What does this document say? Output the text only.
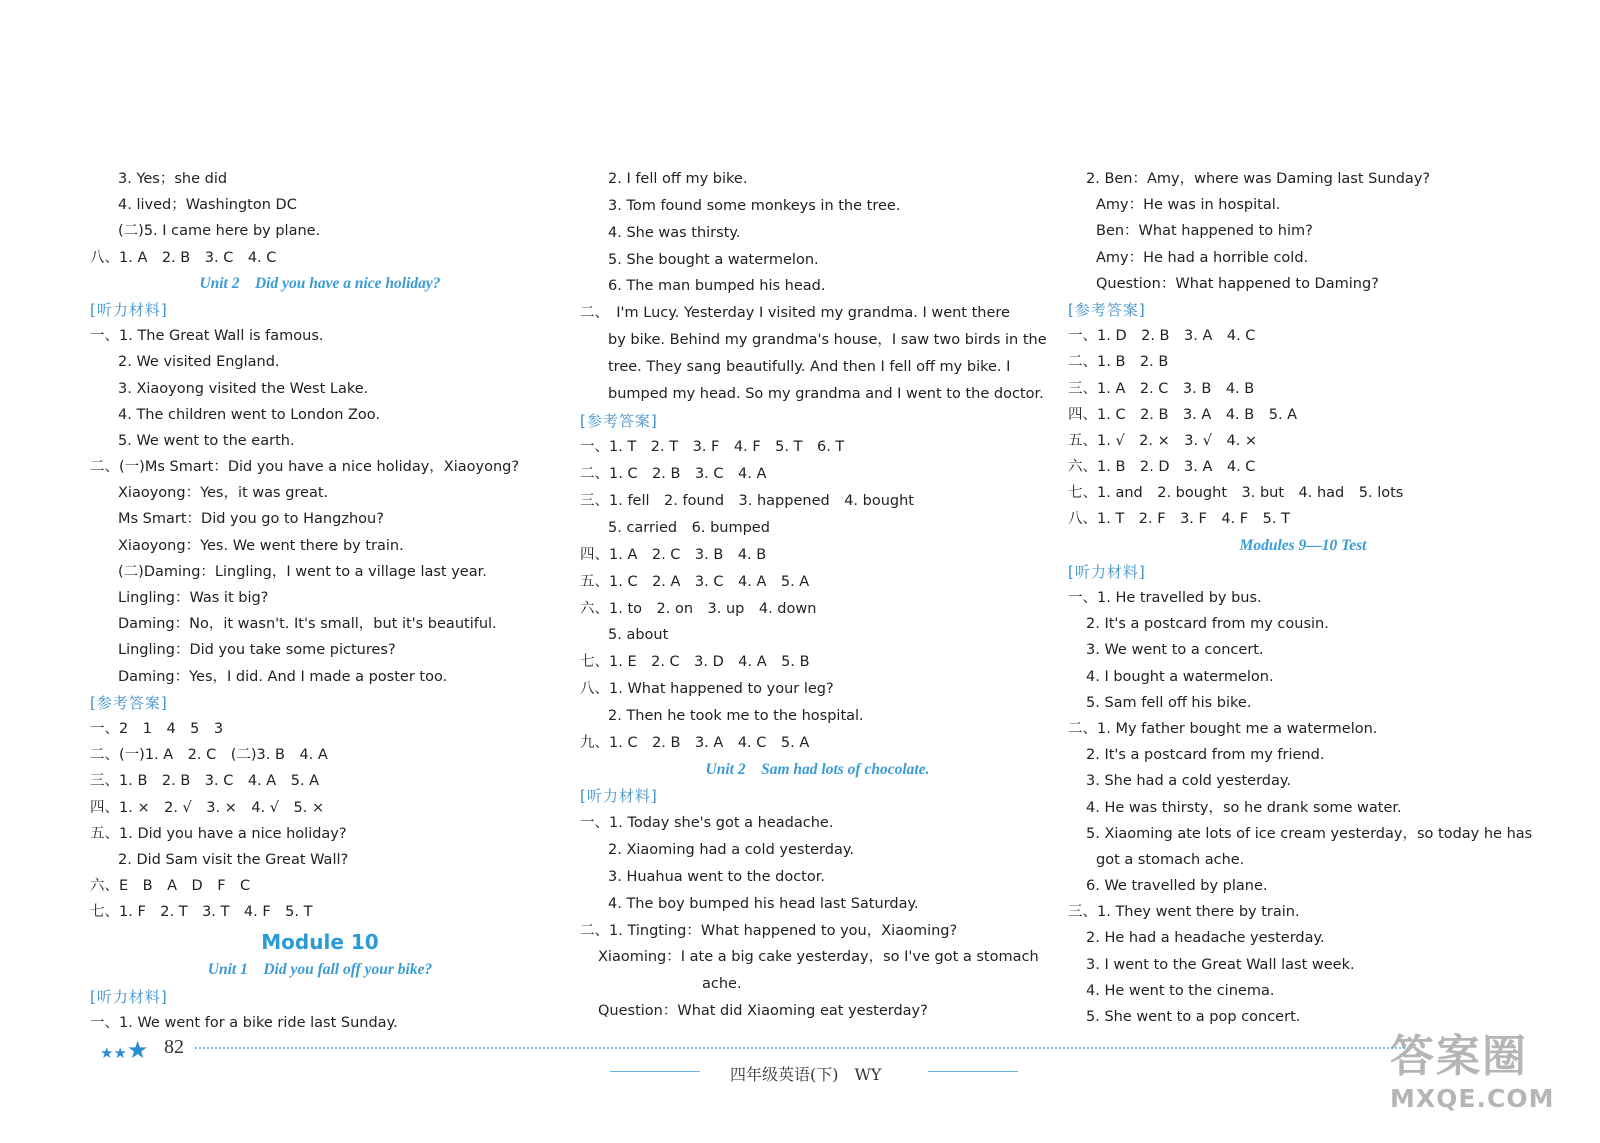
3. Yes；she did
4. lived；Washington DC
(二)5. I came here by plane.
八、1. A　2. B　3. C　4. C
Unit 2　Did you have a nice holiday?
[听力材料]
一、1. The Great Wall is famous.
2. We visited England.
3. Xiaoyong visited the West Lake.
4. The children went to London Zoo.
5. We went to the earth.
二、(一)Ms Smart：Did you have a nice holiday，Xiaoyong?
Xiaoyong：Yes，it was great.
Ms Smart：Did you go to Hangzhou?
Xiaoyong：Yes. We went there by train.
(二)Daming：Lingling，I went to a village last year.
Lingling：Was it big?
Daming：No，it wasn't. It's small，but it's beautiful.
Lingling：Did you take some pictures?
Daming：Yes，I did. And I made a poster too.
[参考答案]
一、2　1　4　5　3
二、(一)1. A　2. C　(二)3. B　4. A
三、1. B　2. B　3. C　4. A　5. A
四、1. ×　2. √　3. ×　4. √　5. ×
五、1. Did you have a nice holiday?
2. Did Sam visit the Great Wall?
六、E　B　A　D　F　C
七、1. F　2. T　3. T　4. F　5. T
Module 10
Unit 1　Did you fall off your bike?
[听力材料]
一、1. We went for a bike ride last Sunday.
2. I fell off my bike.
3. Tom found some monkeys in the tree.
4. She was thirsty.
5. She bought a watermelon.
6. The man bumped his head.
二、　I'm Lucy. Yesterday I visited my grandma. I went there
by bike. Behind my grandma's house，I saw two birds in the
tree. They sang beautifully. And then I fell off my bike. I
bumped my head. So my grandma and I went to the doctor.
[参考答案]
一、1. T　2. T　3. F　4. F　5. T　6. T
二、1. C　2. B　3. C　4. A
三、1. fell　2. found　3. happened　4. bought
5. carried　6. bumped
四、1. A　2. C　3. B　4. B
五、1. C　2. A　3. C　4. A　5. A
六、1. to　2. on　3. up　4. down
5. about
七、1. E　2. C　3. D　4. A　5. B
八、1. What happened to your leg?
2. Then he took me to the hospital.
九、1. C　2. B　3. A　4. C　5. A
Unit 2　Sam had lots of chocolate.
[听力材料]
一、1. Today she's got a headache.
2. Xiaoming had a cold yesterday.
3. Huahua went to the doctor.
4. The boy bumped his head last Saturday.
二、1. Tingting：What happened to you，Xiaoming?
Xiaoming：I ate a big cake yesterday，so I've got a stomach
ache.
Question：What did Xiaoming eat yesterday?
2. Ben：Amy，where was Daming last Sunday?
Amy：He was in hospital.
Ben：What happened to him?
Amy：He had a horrible cold.
Question：What happened to Daming?
[参考答案]
一、1. D　2. B　3. A　4. C
二、1. B　2. B
三、1. A　2. C　3. B　4. B
四、1. C　2. B　3. A　4. B　5. A
五、1. √　2. ×　3. √　4. ×
六、1. B　2. D　3. A　4. C
七、1. and　2. bought　3. but　4. had　5. lots
八、1. T　2. F　3. F　4. F　5. T
Modules 9—10 Test
[听力材料]
一、1. He travelled by bus.
2. It's a postcard from my cousin.
3. We went to a concert.
4. I bought a watermelon.
5. Sam fell off his bike.
二、1. My father bought me a watermelon.
2. It's a postcard from my friend.
3. She had a cold yesterday.
4. He was thirsty，so he drank some water.
5. Xiaoming ate lots of ice cream yesterday，so today he has
got a stomach ache.
6. We travelled by plane.
三、1. They went there by train.
2. He had a headache yesterday.
3. I went to the Great Wall last week.
4. He went to the cinema.
5. She went to a pop concert.
★★★ 82
四年级英语(下)　WY	答案圈
MXQE.COM
